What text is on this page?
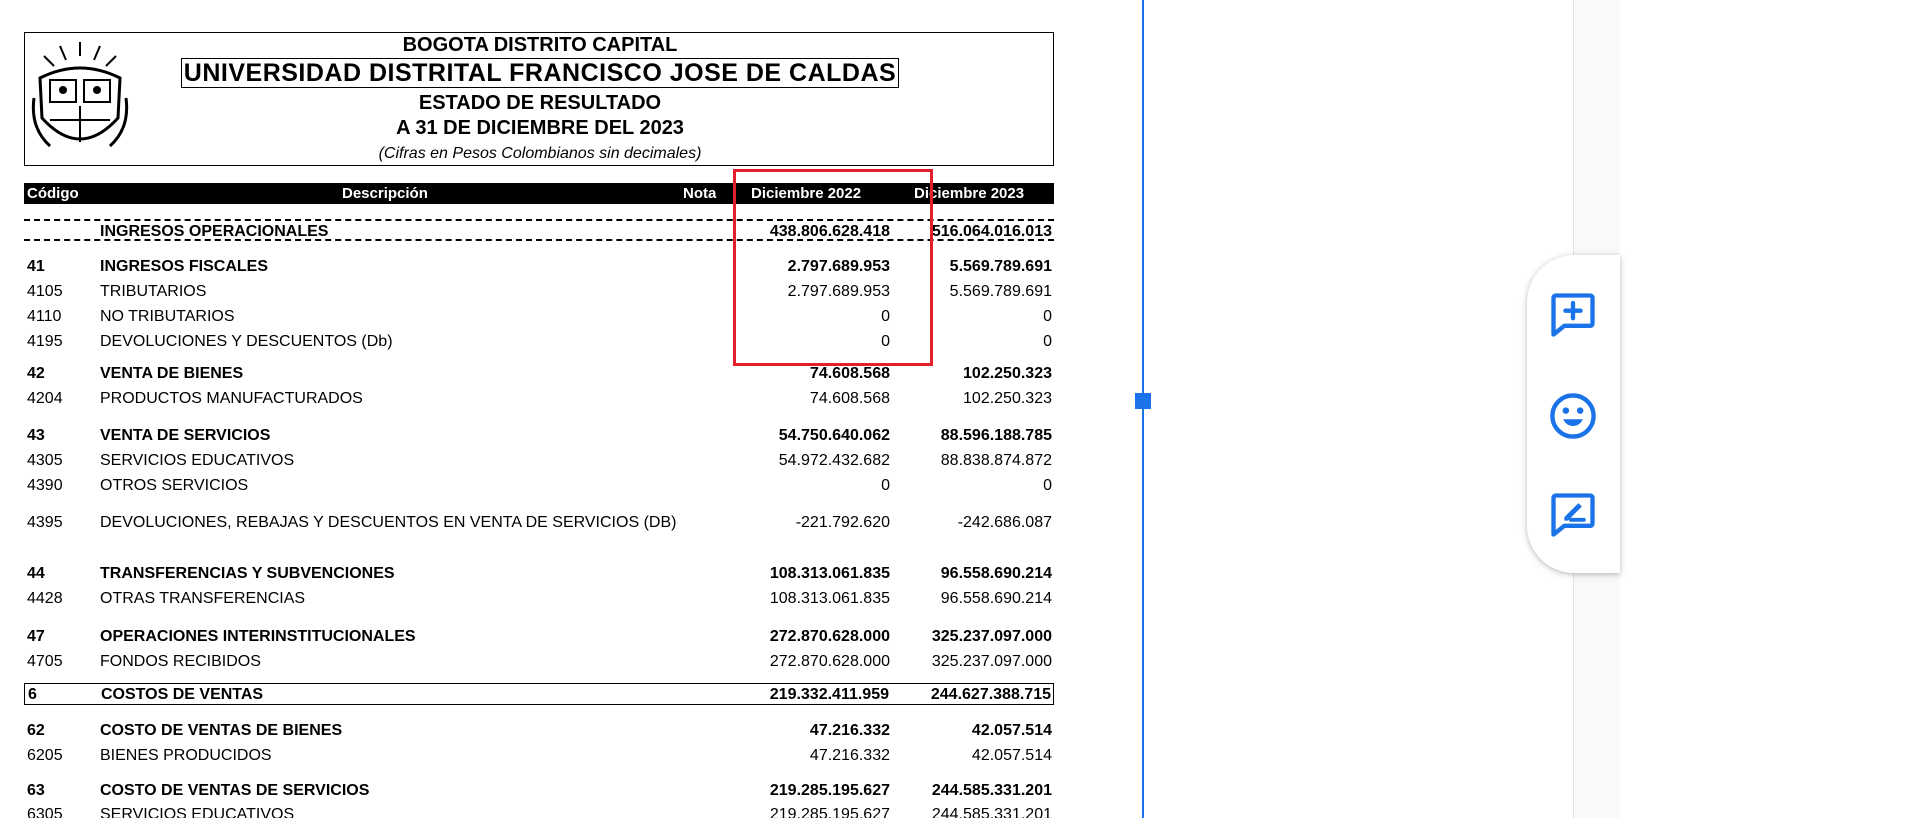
BOGOTA DISTRITO CAPITAL
UNIVERSIDAD DISTRITAL FRANCISCO JOSE DE CALDAS
ESTADO DE RESULTADO
A 31 DE DICIEMBRE DEL 2023
(Cifras en Pesos Colombianos sin decimales)
Código	Descripción	Nota Diciembre 2022	Diciembre 2023
INGRESOS OPERACIONALES	438.806.628.418	516.064.016.013
41	INGRESOS FISCALES	2.797.689.953	5.569.789.691
4105 TRIBUTARIOS	2.797.689.953	5.569.789.691
4110 NO TRIBUTARIOS	0	0
4195 DEVOLUCIONES Y DESCUENTOS (Db)	0	0
42	VENTA DE BIENES	74.608.568	102.250.323
4204 PRODUCTOS MANUFACTURADOS	74.608.568	102.250.323
43	VENTA DE SERVICIOS	54.750.640.062	88.596.188.785
4305 SERVICIOS EDUCATIVOS	54.972.432.682	88.838.874.872
4390 OTROS SERVICIOS	0	0
4395 DEVOLUCIONES, REBAJAS Y DESCUENTOS EN VENTA DE SERVICIOS (DB)	-221.792.620	-242.686.087
44	TRANSFERENCIAS Y SUBVENCIONES	108.313.061.835	96.558.690.214
4428 OTRAS TRANSFERENCIAS	108.313.061.835	96.558.690.214
47	OPERACIONES INTERINSTITUCIONALES	272.870.628.000	325.237.097.000
4705 FONDOS RECIBIDOS	272.870.628.000	325.237.097.000
6	COSTOS DE VENTAS	219.332.411.959	244.627.388.715
62	COSTO DE VENTAS DE BIENES	47.216.332	42.057.514
6205 BIENES PRODUCIDOS	47.216.332	42.057.514
63	COSTO DE VENTAS DE SERVICIOS	219.285.195.627	244.585.331.201
6305 SERVICIOS EDUCATIVOS	219.285.195.627	244.585.331.201
